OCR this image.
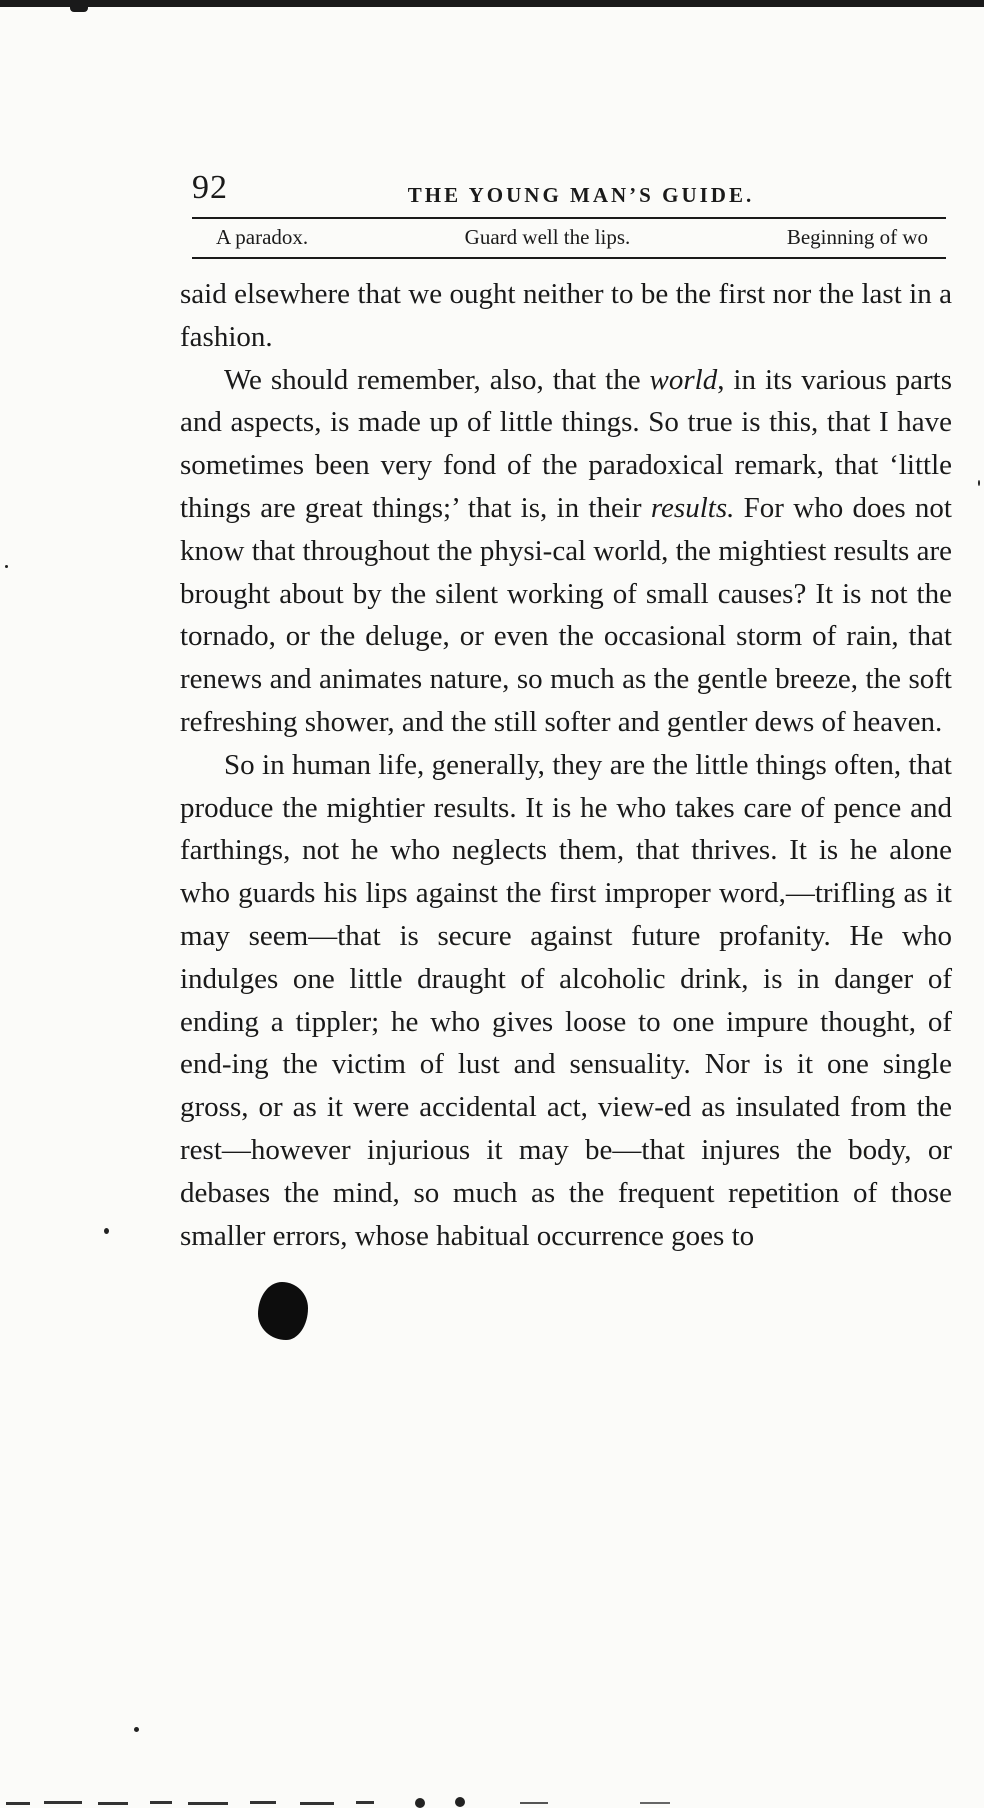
92	THE YOUNG MAN’S GUIDE.
A paradox.	Guard well the lips.	Beginning of wo

said elsewhere that we ought neither to be the first nor the last in a fashion.

We should remember, also, that the world, in its various parts and aspects, is made up of little things. So true is this, that I have sometimes been very fond of the paradoxical remark, that ‘little things are great things;’ that is, in their results. For who does not know that throughout the physi-cal world, the mightiest results are brought about by the silent working of small causes? It is not the tornado, or the deluge, or even the occasional storm of rain, that renews and animates nature, so much as the gentle breeze, the soft refreshing shower, and the still softer and gentler dews of heaven.

So in human life, generally, they are the little things often, that produce the mightier results. It is he who takes care of pence and farthings, not he who neglects them, that thrives. It is he alone who guards his lips against the first improper word,—trifling as it may seem—that is secure against future profanity. He who indulges one little draught of alcoholic drink, is in danger of ending a tippler; he who gives loose to one impure thought, of end-ing the victim of lust and sensuality. Nor is it one single gross, or as it were accidental act, view-ed as insulated from the rest—however injurious it may be—that injures the body, or debases the mind, so much as the frequent repetition of those smaller errors, whose habitual occurrence goes to
